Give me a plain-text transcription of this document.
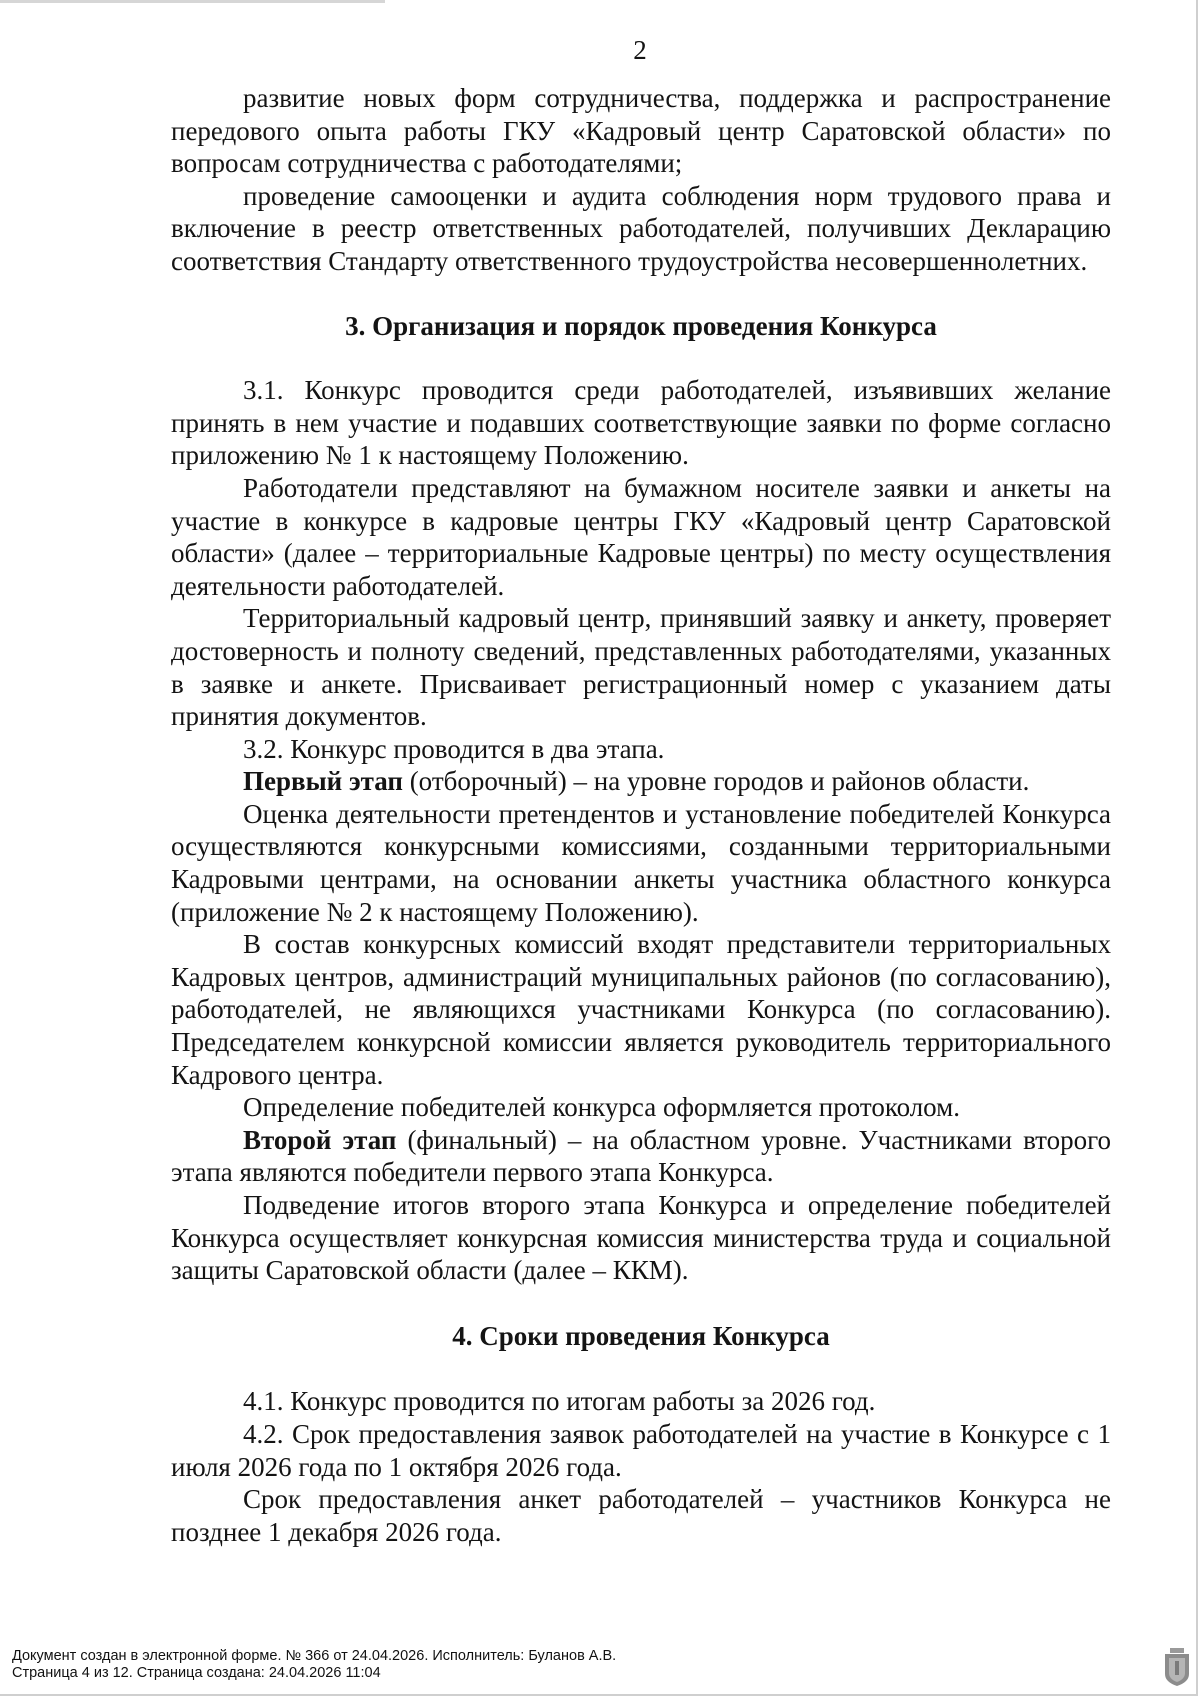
2

развитие новых форм сотрудничества, поддержка и распространение передового опыта работы ГКУ «Кадровый центр Саратовской области» по вопросам сотрудничества с работодателями;

проведение самооценки и аудита соблюдения норм трудового права и включение в реестр ответственных работодателей, получивших Декларацию соответствия Стандарту ответственного трудоустройства несовершеннолетних.

3. Организация и порядок проведения Конкурса

3.1. Конкурс проводится среди работодателей, изъявивших желание принять в нем участие и подавших соответствующие заявки по форме согласно приложению № 1 к настоящему Положению.

Работодатели представляют на бумажном носителе заявки и анкеты на участие в конкурсе в кадровые центры ГКУ «Кадровый центр Саратовской области» (далее – территориальные Кадровые центры) по месту осуществления деятельности работодателей.

Территориальный кадровый центр, принявший заявку и анкету, проверяет достоверность и полноту сведений, представленных работодателями, указанных в заявке и анкете. Присваивает регистрационный номер с указанием даты принятия документов.

3.2. Конкурс проводится в два этапа.

Первый этап (отборочный) – на уровне городов и районов области.

Оценка деятельности претендентов и установление победителей Конкурса осуществляются конкурсными комиссиями, созданными территориальными Кадровыми центрами, на основании анкеты участника областного конкурса (приложение № 2 к настоящему Положению).

В состав конкурсных комиссий входят представители территориальных Кадровых центров, администраций муниципальных районов (по согласованию), работодателей, не являющихся участниками Конкурса (по согласованию). Председателем конкурсной комиссии является руководитель территориального Кадрового центра.

Определение победителей конкурса оформляется протоколом.

Второй этап (финальный) – на областном уровне. Участниками второго этапа являются победители первого этапа Конкурса.

Подведение итогов второго этапа Конкурса и определение победителей Конкурса осуществляет конкурсная комиссия министерства труда и социальной защиты Саратовской области (далее – ККМ).

4. Сроки проведения Конкурса

4.1. Конкурс проводится по итогам работы за 2026 год.

4.2. Срок предоставления заявок работодателей на участие в Конкурсе с 1 июля 2026 года по 1 октября 2026 года.

Срок предоставления анкет работодателей – участников Конкурса не позднее 1 декабря 2026 года.

Документ создан в электронной форме. № 366 от 24.04.2026. Исполнитель: Буланов А.В.
Страница 4 из 12. Страница создана: 24.04.2026 11:04
